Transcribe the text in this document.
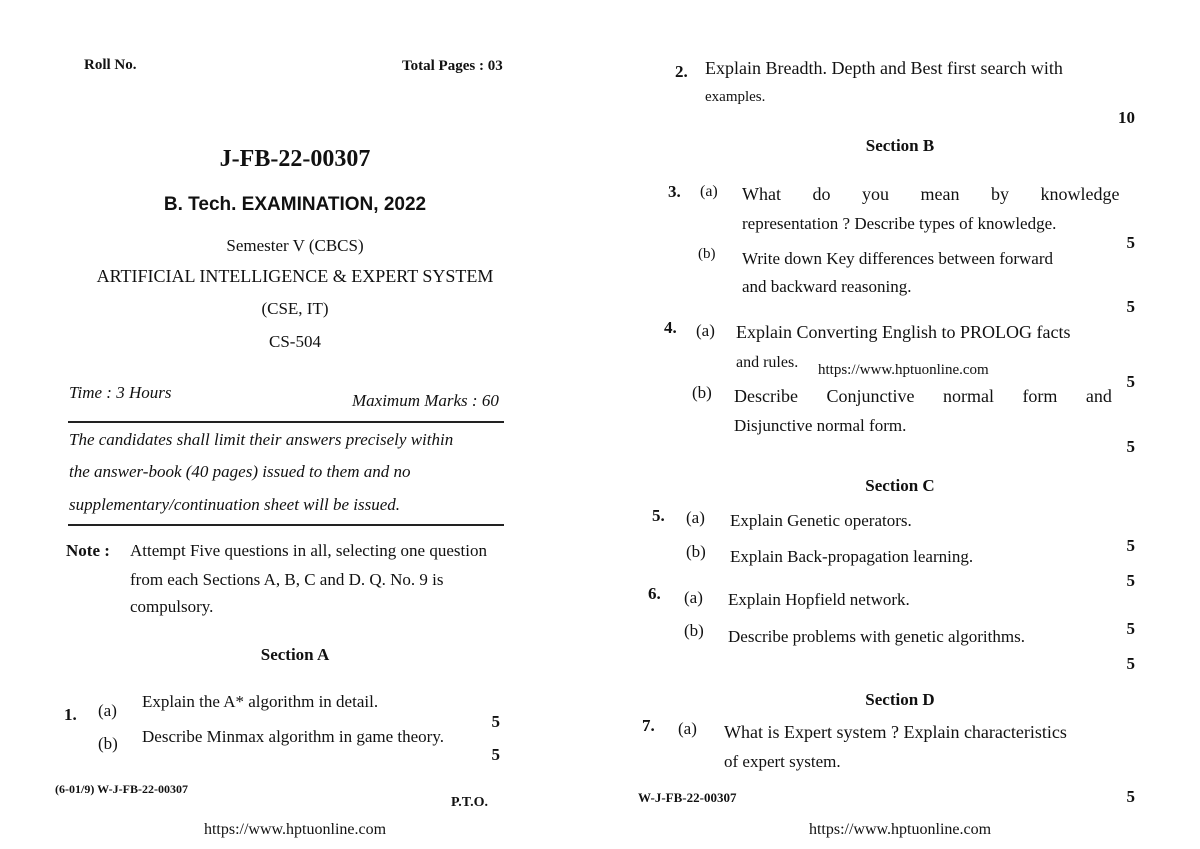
Roll No.	Total Pages : 03
J-FB-22-00307
B. Tech. EXAMINATION, 2022
Semester V (CBCS)
ARTIFICIAL INTELLIGENCE & EXPERT SYSTEM
(CSE, IT)
CS-504
Time : 3 Hours	Maximum Marks : 60
The candidates shall limit their answers precisely within
the answer-book (40 pages) issued to them and no
supplementary/continuation sheet will be issued.
Note : Attempt Five questions in all, selecting one question
from each Sections A, B, C and D. Q. No. 9 is
compulsory.
Section A
1. (a) Explain the A* algorithm in detail.
5
(b) Describe Minmax algorithm in game theory.
5
(6-01/9) W-J-FB-22-00307
P.T.O.
https://www.hptuonline.com
2. Explain Breadth. Depth and Best first search with
examples.
10
Section B
3. (a) What do you mean by knowledge
representation ? Describe types of knowledge.
5
(b) Write down Key differences between forward
and backward reasoning.
5
4. (a) Explain Converting English to PROLOG facts
and rules. https://www.hptuonline.com
5
(b) Describe Conjunctive normal form and
Disjunctive normal form.
5
Section C
5. (a) Explain Genetic operators.
5
(b) Explain Back-propagation learning.
5
6. (a) Explain Hopfield network.
5
(b) Describe problems with genetic algorithms.
5
Section D
7. (a) What is Expert system ? Explain characteristics
of expert system.
5
W-J-FB-22-00307
https://www.hptuonline.com
